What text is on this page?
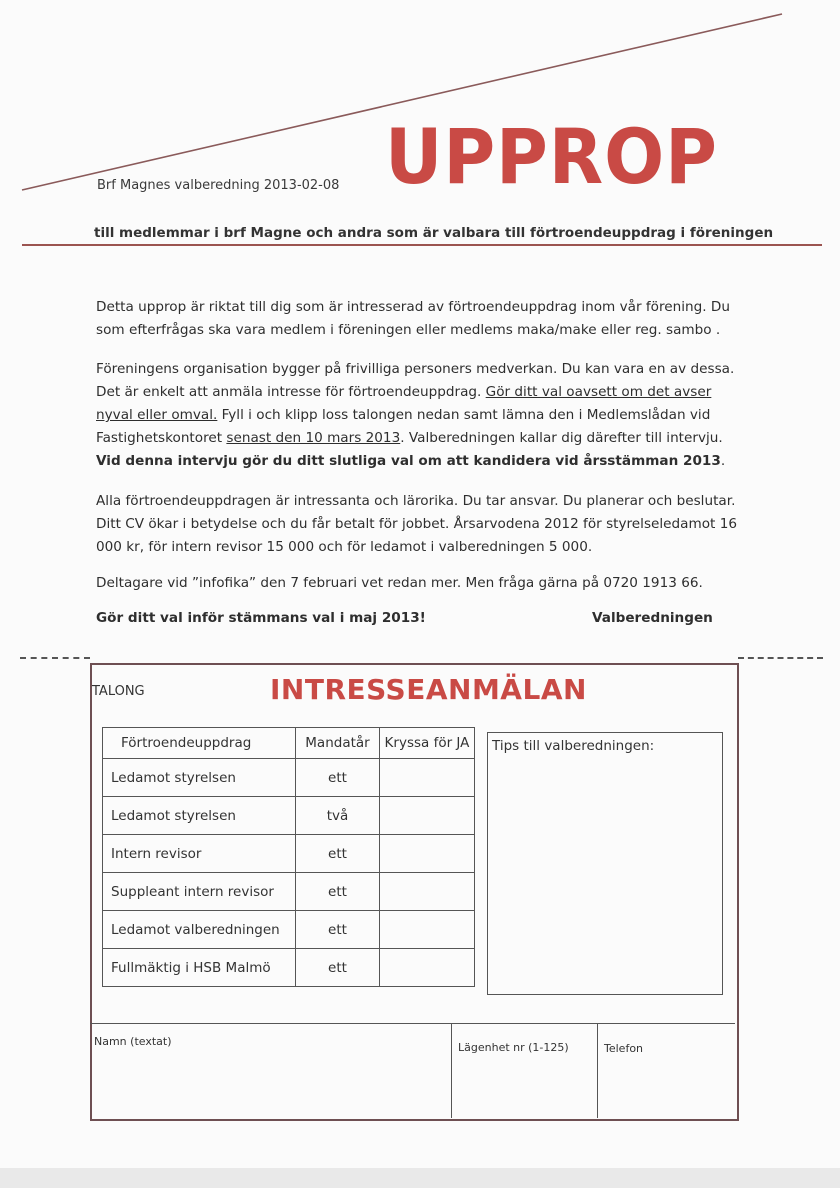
Brf Magnes valberedning 2013-02-08 UPPROP
till medlemmar i brf Magne och andra som är valbara till förtroendeuppdrag i föreningen

Detta upprop är riktat till dig som är intresserad av förtroendeuppdrag inom vår förening. Du som efterfrågas ska vara medlem i föreningen eller medlems maka/make eller reg. sambo .

Föreningens organisation bygger på frivilliga personers medverkan. Du kan vara en av dessa. Det är enkelt att anmäla intresse för förtroendeuppdrag. Gör ditt val oavsett om det avser nyval eller omval. Fyll i och klipp loss talongen nedan samt lämna den i Medlemslådan vid Fastighetskontoret senast den 10 mars 2013. Valberedningen kallar dig därefter till intervju. Vid denna intervju gör du ditt slutliga val om att kandidera vid årsstämman 2013.

Alla förtroendeuppdragen är intressanta och lärorika. Du tar ansvar. Du planerar och beslutar. Ditt CV ökar i betydelse och du får betalt för jobbet. Årsarvodena 2012 för styrelseledamot 16 000 kr, för intern revisor 15 000 och för ledamot i valberedningen 5 000.

Deltagare vid ”infofika” den 7 februari vet redan mer. Men fråga gärna på 0720 1913 66.

Gör ditt val inför stämmans val i maj 2013!	Valberedningen
TALONG	INTRESSEANMÄLAN
Förtroendeuppdrag	Mandatår	Kryssa för JA
Ledamot styrelsen	ett	
Ledamot styrelsen	två	
Intern revisor	ett	
Suppleant intern revisor	ett	
Ledamot valberedningen	ett	
Fullmäktig i HSB Malmö	ett	
Tips till valberedningen:
Namn (textat)	Lägenhet nr (1-125)	Telefon
